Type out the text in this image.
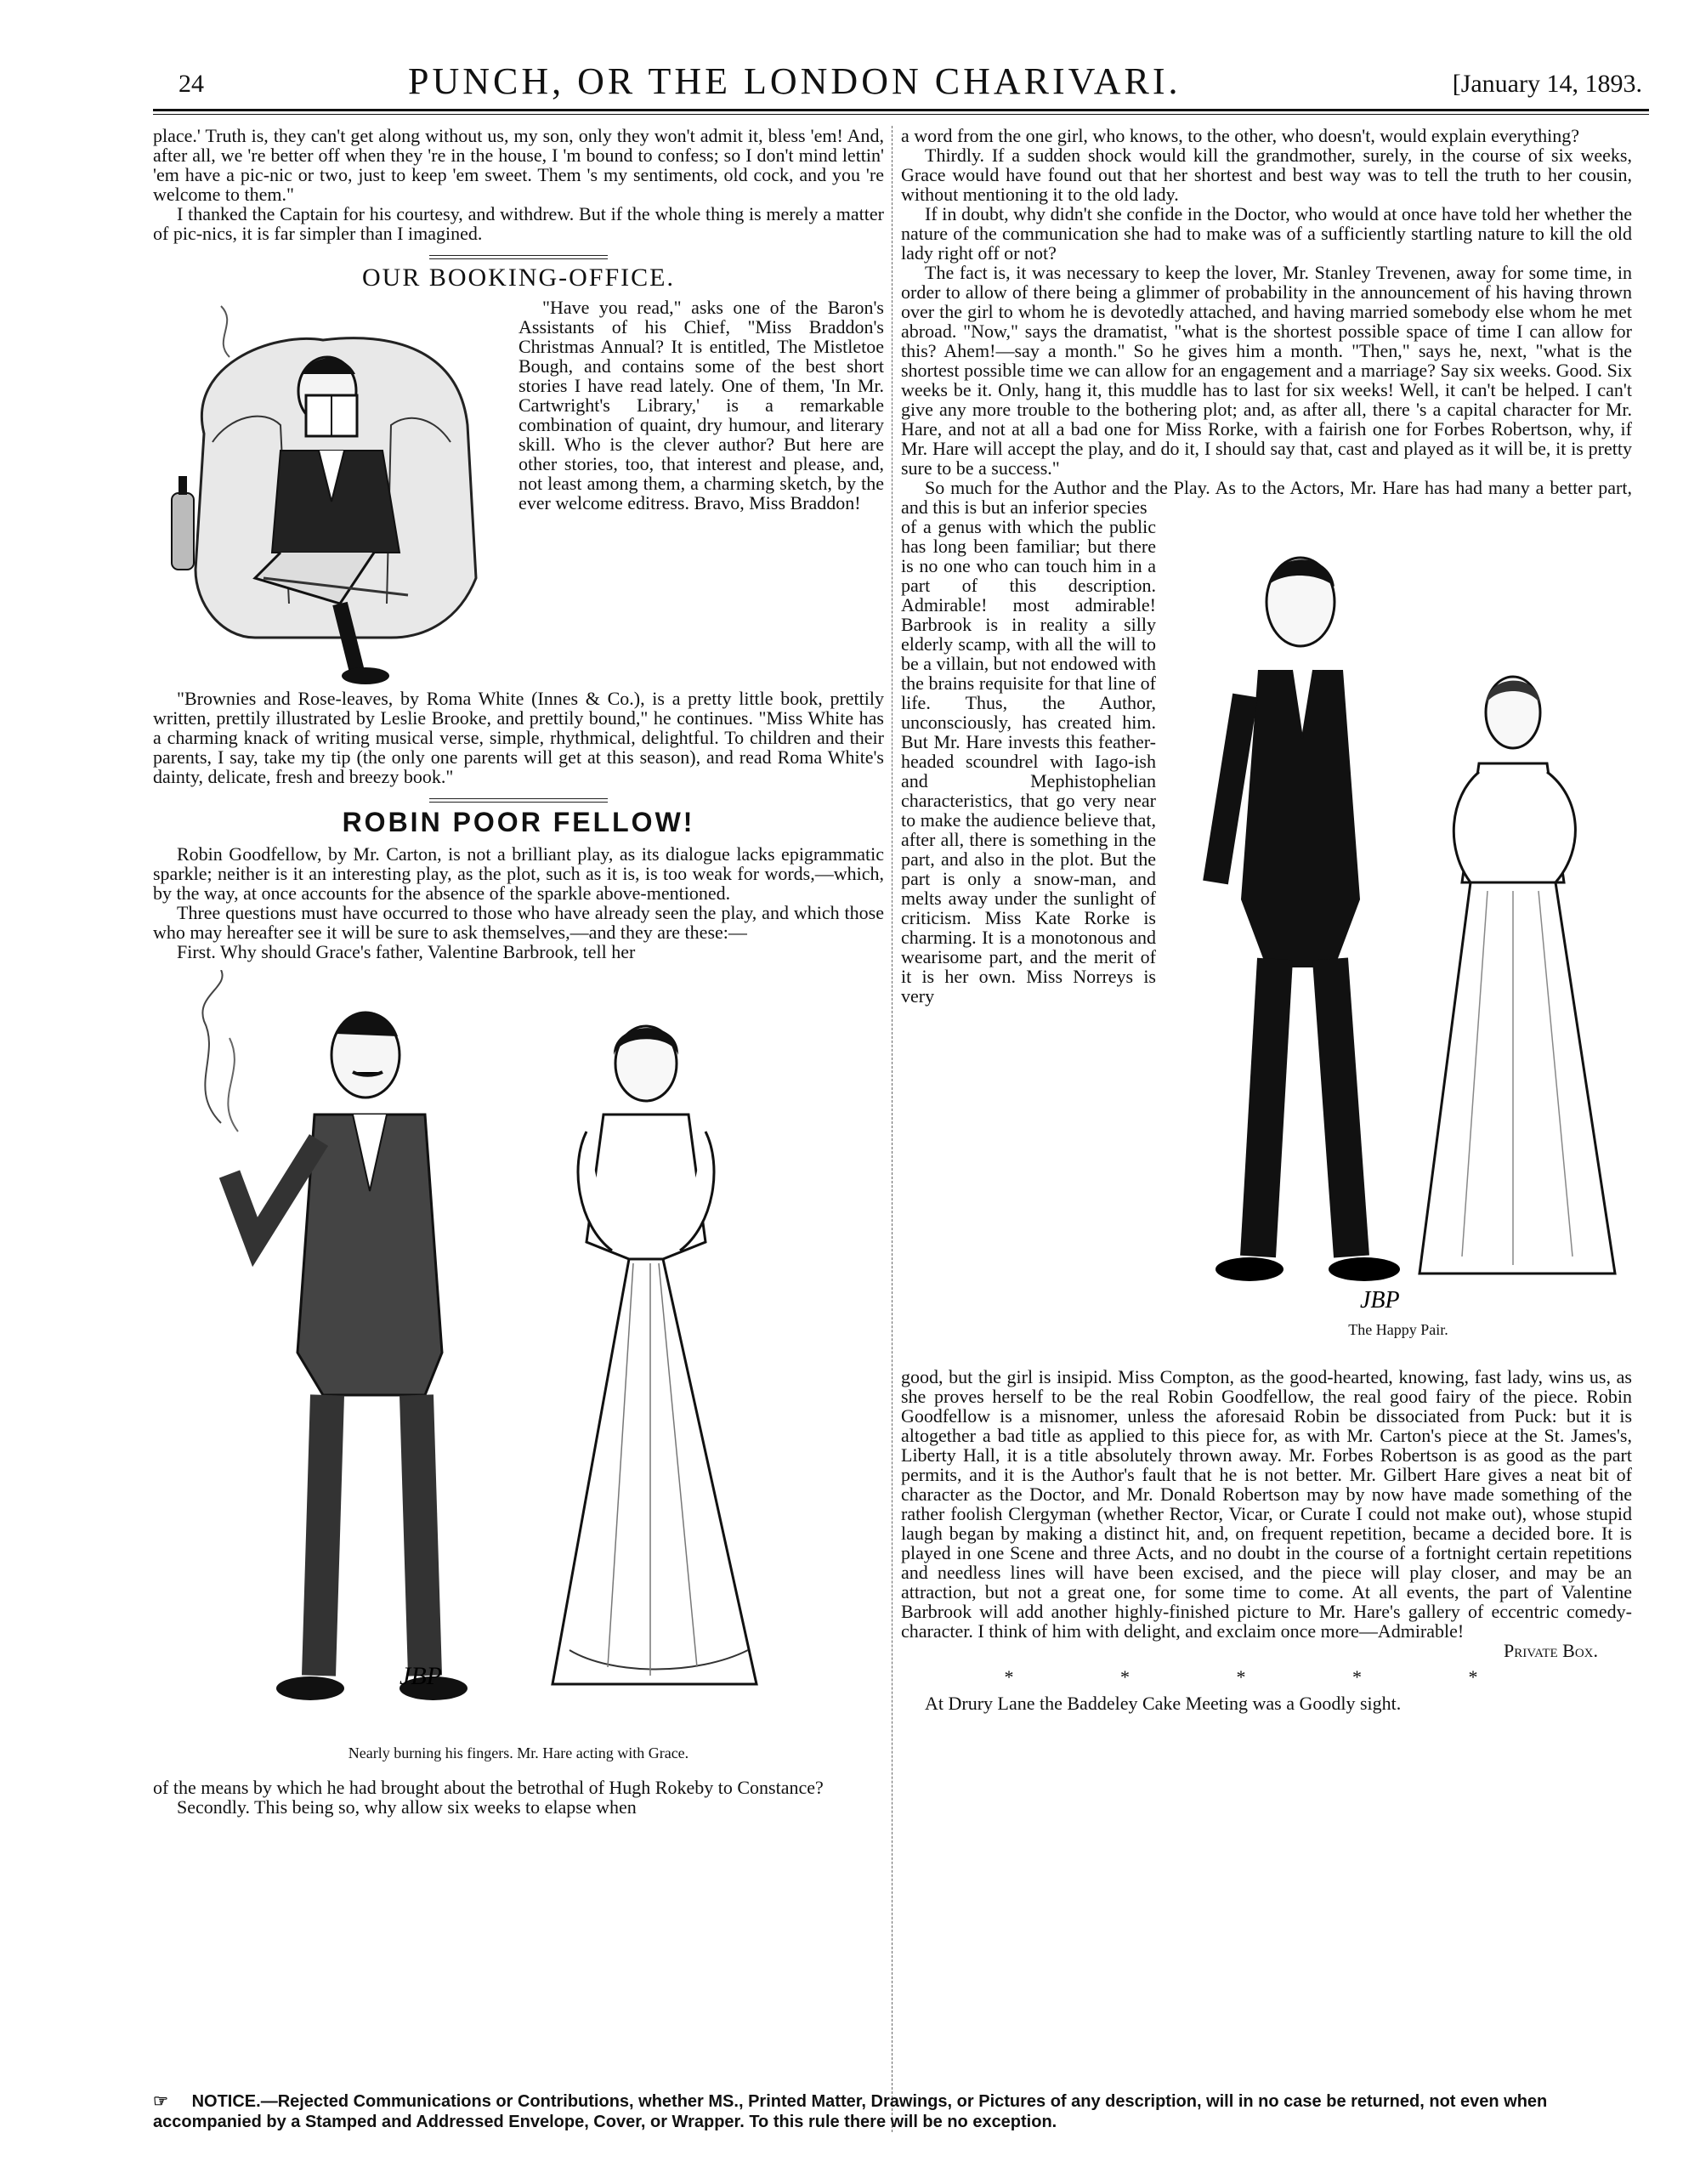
24	PUNCH, OR THE LONDON CHARIVARI.	[January 14, 1893.

place.' Truth is, they can't get along without us, my son, only they won't admit it, bless 'em! And, after all, we 're better off when they 're in the house, I 'm bound to confess; so I don't mind lettin' 'em have a pic-nic or two, just to keep 'em sweet. Them 's my sentiments, old cock, and you 're welcome to them."

I thanked the Captain for his courtesy, and withdrew. But if the whole thing is merely a matter of pic-nics, it is far simpler than I imagined.

OUR BOOKING-OFFICE.

"Have you read," asks one of the Baron's Assistants of his Chief, "Miss Braddon's Christmas Annual? It is entitled, The Mistletoe Bough, and contains some of the best short stories I have read lately. One of them, 'In Mr. Cartwright's Library,' is a remarkable combination of quaint, dry humour, and literary skill. Who is the clever author? But here are other stories, too, that interest and please, and, not least among them, a charming sketch, by the ever welcome editress. Bravo, Miss Braddon!

"Brownies and Rose-leaves, by Roma White (Innes & Co.), is a pretty little book, prettily written, prettily illustrated by Leslie Brooke, and prettily bound," he continues. "Miss White has a charming knack of writing musical verse, simple, rhythmical, delightful. To children and their parents, I say, take my tip (the only one parents will get at this season), and read Roma White's dainty, delicate, fresh and breezy book."

ROBIN POOR FELLOW!

Robin Goodfellow, by Mr. Carton, is not a brilliant play, as its dialogue lacks epigrammatic sparkle; neither is it an interesting play, as the plot, such as it is, is too weak for words,—which, by the way, at once accounts for the absence of the sparkle above-mentioned.

Three questions must have occurred to those who have already seen the play, and which those who may hereafter see it will be sure to ask themselves,—and they are these:—

First. Why should Grace's father, Valentine Barbrook, tell her

JBP
Nearly burning his fingers. Mr. Hare acting with Grace.

of the means by which he had brought about the betrothal of Hugh Rokeby to Constance?

Secondly. This being so, why allow six weeks to elapse when

a word from the one girl, who knows, to the other, who doesn't, would explain everything?

Thirdly. If a sudden shock would kill the grandmother, surely, in the course of six weeks, Grace would have found out that her shortest and best way was to tell the truth to her cousin, without mentioning it to the old lady.

If in doubt, why didn't she confide in the Doctor, who would at once have told her whether the nature of the communication she had to make was of a sufficiently startling nature to kill the old lady right off or not?

The fact is, it was necessary to keep the lover, Mr. Stanley Trevenen, away for some time, in order to allow of there being a glimmer of probability in the announcement of his having thrown over the girl to whom he is devotedly attached, and having married somebody else whom he met abroad. "Now," says the dramatist, "what is the shortest possible space of time I can allow for this? Ahem!—say a month." So he gives him a month. "Then," says he, next, "what is the shortest possible time we can allow for an engagement and a marriage? Say six weeks. Good. Six weeks be it. Only, hang it, this muddle has to last for six weeks! Well, it can't be helped. I can't give any more trouble to the bothering plot; and, as after all, there 's a capital character for Mr. Hare, and not at all a bad one for Miss Rorke, with a fairish one for Forbes Robertson, why, if Mr. Hare will accept the play, and do it, I should say that, cast and played as it will be, it is pretty sure to be a success."

So much for the Author and the Play. As to the Actors, Mr. Hare has had many a better part, and this is but an inferior species

of a genus with which the public has long been familiar; but there is no one who can touch him in a part of this description. Admirable! most admirable! Barbrook is in reality a silly elderly scamp, with all the will to be a villain, but not endowed with the brains requisite for that line of life. Thus, the Author, unconsciously, has created him. But Mr. Hare invests this feather-headed scoundrel with Iago-ish and Mephistophelian characteristics, that go very near to make the audience believe that, after all, there is something in the part, and also in the plot. But the part is only a snow-man, and melts away under the sunlight of criticism. Miss Kate Rorke is charming. It is a monotonous and wearisome part, and the merit of it is her own. Miss Norreys is very

JBP
The Happy Pair.

good, but the girl is insipid. Miss Compton, as the good-hearted, knowing, fast lady, wins us, as she proves herself to be the real Robin Goodfellow, the real good fairy of the piece. Robin Goodfellow is a misnomer, unless the aforesaid Robin be dissociated from Puck: but it is altogether a bad title as applied to this piece for, as with Mr. Carton's piece at the St. James's, Liberty Hall, it is a title absolutely thrown away. Mr. Forbes Robertson is as good as the part permits, and it is the Author's fault that he is not better. Mr. Gilbert Hare gives a neat bit of character as the Doctor, and Mr. Donald Robertson may by now have made something of the rather foolish Clergyman (whether Rector, Vicar, or Curate I could not make out), whose stupid laugh began by making a distinct hit, and, on frequent repetition, became a decided bore. It is played in one Scene and three Acts, and no doubt in the course of a fortnight certain repetitions and needless lines will have been excised, and the piece will play closer, and may be an attraction, but not a great one, for some time to come. At all events, the part of Valentine Barbrook will add another highly-finished picture to Mr. Hare's gallery of eccentric comedy-character. I think of him with delight, and exclaim once more—Admirable!

Private Box.
* * * * *

At Drury Lane the Baddeley Cake Meeting was a Goodly sight.

☞ NOTICE.—Rejected Communications or Contributions, whether MS., Printed Matter, Drawings, or Pictures of any description, will in no case be returned, not even when accompanied by a Stamped and Addressed Envelope, Cover, or Wrapper. To this rule there will be no exception.
